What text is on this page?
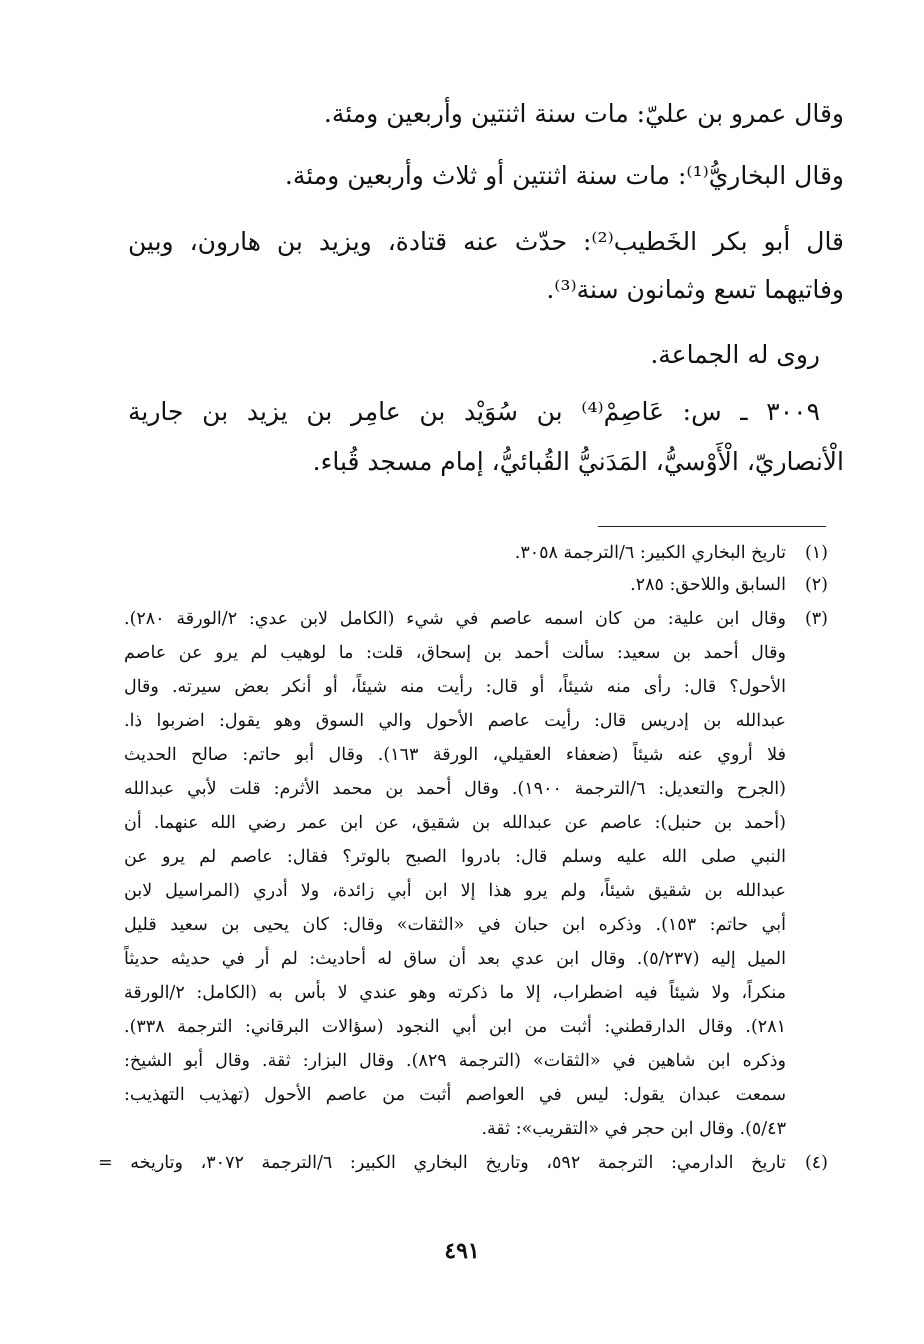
وقال عمرو بن عليّ: مات سنة اثنتين وأربعين ومئة.
وقال البخاريُّ⁽¹⁾: مات سنة اثنتين أو ثلاث وأربعين ومئة.
قال أبو بكر الخَطيب⁽²⁾: حدّث عنه قتادة، ويزيد بن هارون، وبين
وفاتيهما تسع وثمانون سنة⁽³⁾.
روى له الجماعة.
٣٠٠٩ ـ س: عَاصِمْ⁽⁴⁾ بن سُوَيْد بن عامِر بن يزيد بن جارية
الْأنصاريّ، الْأَوْسيُّ، المَدَنيُّ القُبائيُّ، إمام مسجد قُباء.
(١)
تاريخ البخاري الكبير: ٦/الترجمة ٣٠٥٨.
(٢)
السابق واللاحق: ٢٨٥.
(٣)
وقال ابن علية: من كان اسمه عاصم في شيء (الكامل لابن عدي: ٢/الورقة ٢٨٠).
وقال أحمد بن سعيد: سألت أحمد بن إسحاق، قلت: ما لوهيب لم يرو عن عاصم
الأحول؟ قال: رأى منه شيئاً، أو قال: رأيت منه شيئاً، أو أنكر بعض سيرته. وقال
عبدالله بن إدريس قال: رأيت عاصم الأحول والي السوق وهو يقول: اضربوا ذا.
فلا أروي عنه شيئاً (ضعفاء العقيلي، الورقة ١٦٣). وقال أبو حاتم: صالح الحديث
(الجرح والتعديل: ٦/الترجمة ١٩٠٠). وقال أحمد بن محمد الأثرم: قلت لأبي عبدالله
(أحمد بن حنبل): عاصم عن عبدالله بن شقيق، عن ابن عمر رضي الله عنهما. أن
النبي صلى الله عليه وسلم قال: بادروا الصبح بالوتر؟ فقال: عاصم لم يرو عن
عبدالله بن شقيق شيئاً، ولم يرو هذا إلا ابن أبي زائدة، ولا أدري (المراسيل لابن
أبي حاتم: ١٥٣). وذكره ابن حبان في «الثقات» وقال: كان يحيى بن سعيد قليل
الميل إليه (٥/٢٣٧). وقال ابن عدي بعد أن ساق له أحاديث: لم أر في حديثه حديثاً
منكراً، ولا شيئاً فيه اضطراب، إلا ما ذكرته وهو عندي لا بأس به (الكامل: ٢/الورقة
٢٨١). وقال الدارقطني: أثبت من ابن أبي النجود (سؤالات البرقاني: الترجمة ٣٣٨).
وذكره ابن شاهين في «الثقات» (الترجمة ٨٢٩). وقال البزار: ثقة. وقال أبو الشيخ:
سمعت عبدان يقول: ليس في العواصم أثبت من عاصم الأحول (تهذيب التهذيب:
٥/٤٣). وقال ابن حجر في «التقريب»: ثقة.
(٤)
تاريخ الدارمي: الترجمة ٥٩٢، وتاريخ البخاري الكبير: ٦/الترجمة ٣٠٧٢، وتاريخه =
٤٩١
